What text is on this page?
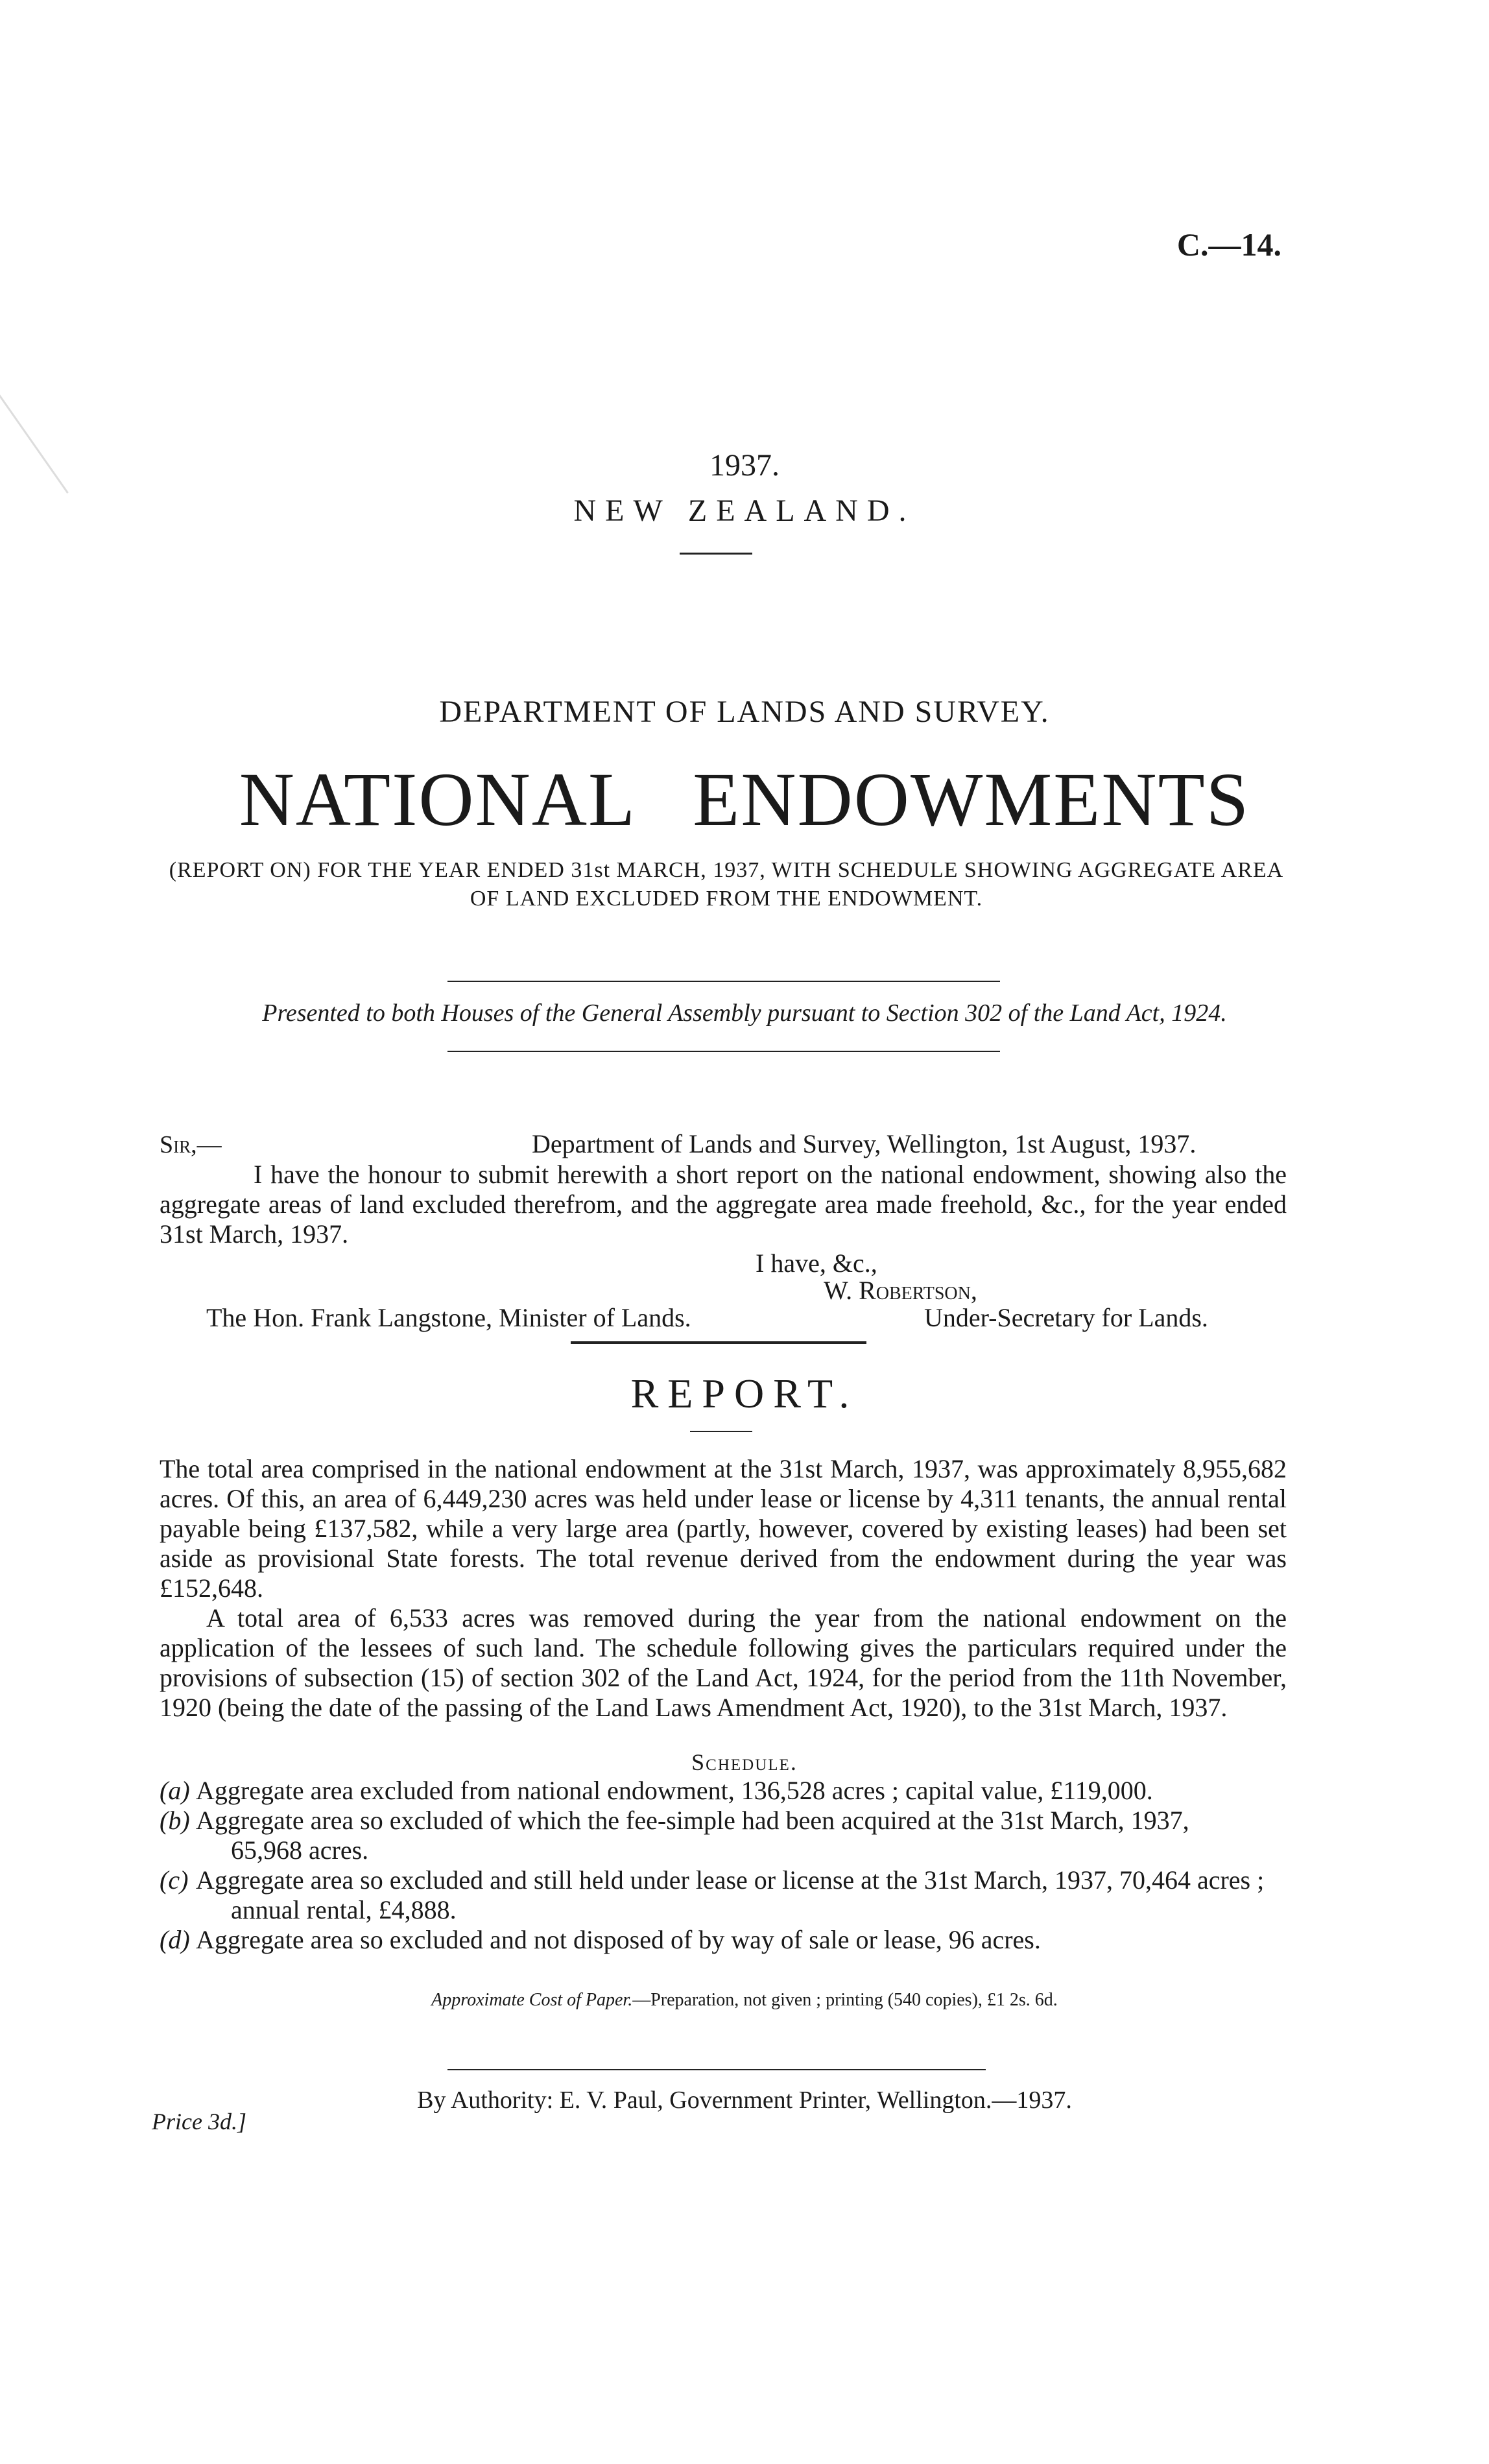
C.—14.
1937.
NEW ZEALAND.
DEPARTMENT OF LANDS AND SURVEY.
NATIONAL ENDOWMENTS
(REPORT ON) FOR THE YEAR ENDED 31st MARCH, 1937, WITH SCHEDULE SHOWING AGGREGATE AREA OF LAND EXCLUDED FROM THE ENDOWMENT.
Presented to both Houses of the General Assembly pursuant to Section 302 of the Land Act, 1924.
Sir,—	Department of Lands and Survey, Wellington, 1st August, 1937.

I have the honour to submit herewith a short report on the national endowment, showing also the aggregate areas of land excluded therefrom, and the aggregate area made freehold, &c., for the year ended 31st March, 1937.

I have, &c.,
W. Robertson,
The Hon. Frank Langstone, Minister of Lands.	Under-Secretary for Lands.
REPORT.

The total area comprised in the national endowment at the 31st March, 1937, was approximately 8,955,682 acres. Of this, an area of 6,449,230 acres was held under lease or license by 4,311 tenants, the annual rental payable being £137,582, while a very large area (partly, however, covered by existing leases) had been set aside as provisional State forests. The total revenue derived from the endowment during the year was £152,648.

A total area of 6,533 acres was removed during the year from the national endowment on the application of the lessees of such land. The schedule following gives the particulars required under the provisions of subsection (15) of section 302 of the Land Act, 1924, for the period from the 11th November, 1920 (being the date of the passing of the Land Laws Amendment Act, 1920), to the 31st March, 1937.

Schedule.
(a) Aggregate area excluded from national endowment, 136,528 acres ; capital value, £119,000.
(b) Aggregate area so excluded of which the fee-simple had been acquired at the 31st March, 1937,
65,968 acres.
(c) Aggregate area so excluded and still held under lease or license at the 31st March, 1937, 70,464 acres ;
annual rental, £4,888.
(d) Aggregate area so excluded and not disposed of by way of sale or lease, 96 acres.
Approximate Cost of Paper.—Preparation, not given ; printing (540 copies), £1 2s. 6d.
By Authority: E. V. Paul, Government Printer, Wellington.—1937.
Price 3d.]
